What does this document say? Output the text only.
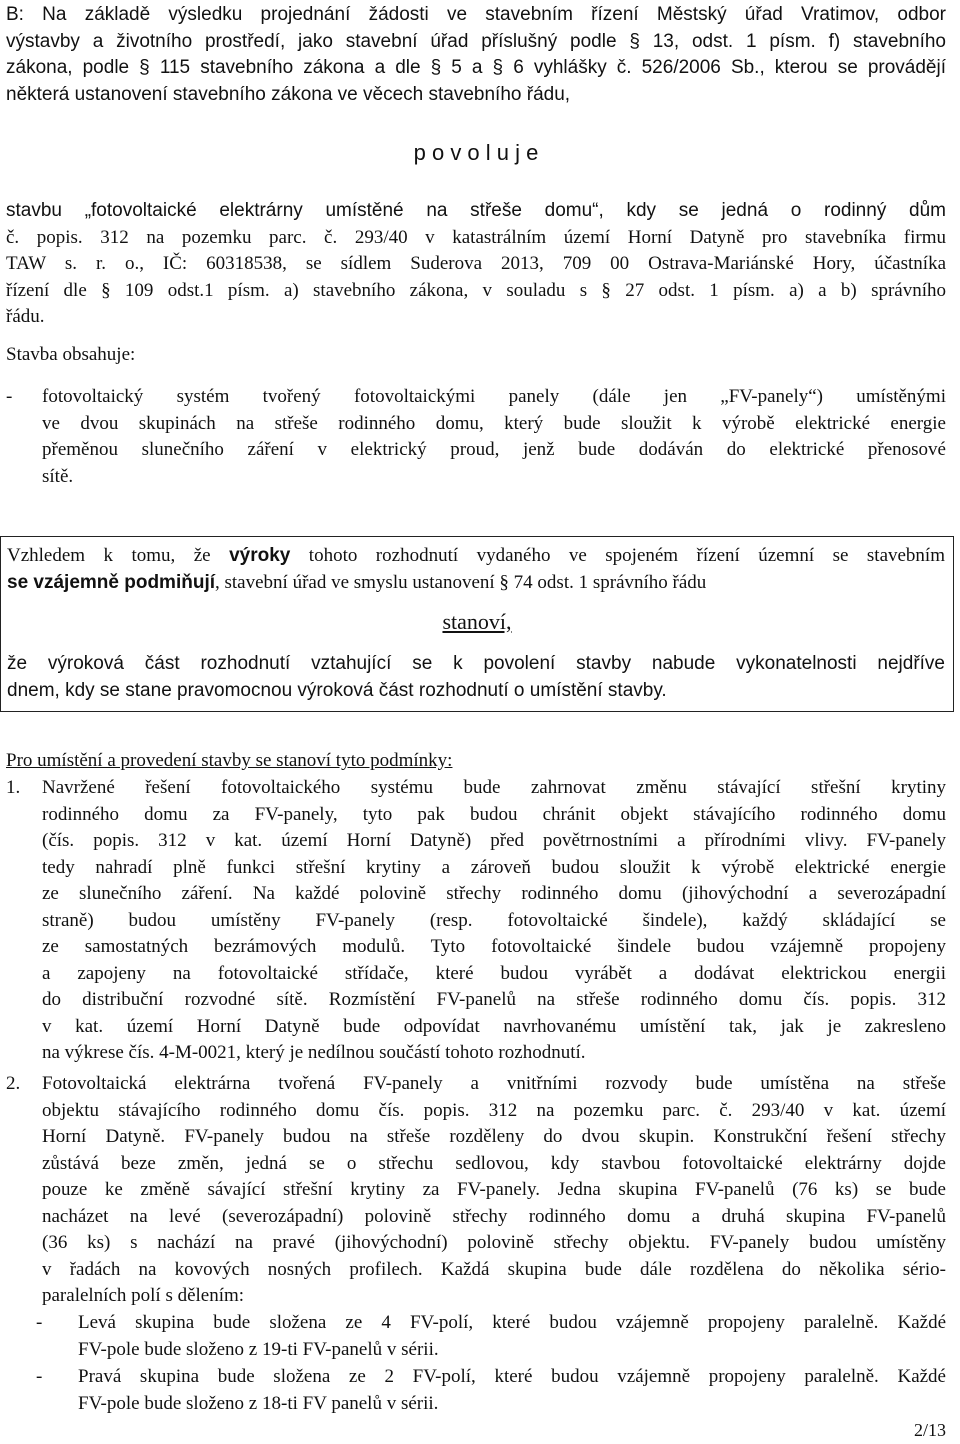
B: Na základě výsledku projednání žádosti ve stavebním řízení Městský úřad Vratimov, odbor
výstavby a životního prostředí, jako stavební úřad příslušný podle § 13, odst. 1 písm. f) stavebního
zákona, podle § 115 stavebního zákona a dle § 5 a § 6 vyhlášky č. 526/2006 Sb., kterou se provádějí
některá ustanovení stavebního zákona ve věcech stavebního řádu,
p o v o l u j e
stavbu „fotovoltaické elektrárny umístěné na střeše domu“, kdy se jedná o rodinný dům
č. popis. 312 na pozemku parc. č. 293/40 v katastrálním území Horní Datyně pro stavebníka firmu
TAW s. r. o., IČ: 60318538, se sídlem Suderova 2013, 709 00 Ostrava-Mariánské Hory, účastníka
řízení dle § 109 odst.1 písm. a) stavebního zákona, v souladu s § 27 odst. 1 písm. a) a b) správního
řádu.
Stavba obsahuje:
-	fotovoltaický systém tvořený fotovoltaickými panely (dále jen „FV-panely“) umístěnými
ve dvou skupinách na střeše rodinného domu, který bude sloužit k výrobě elektrické energie
přeměnou slunečního záření v elektrický proud, jenž bude dodáván do elektrické přenosové
sítě.
Vzhledem k tomu, že výroky tohoto rozhodnutí vydaného ve spojeném řízení územní se stavebním
se vzájemně podmiňují, stavební úřad ve smyslu ustanovení § 74 odst. 1 správního řádu
stanoví,
že výroková část rozhodnutí vztahující se k povolení stavby nabude vykonatelnosti nejdříve
dnem, kdy se stane pravomocnou výroková část rozhodnutí o umístění stavby.
Pro umístění a provedení stavby se stanoví tyto podmínky:
1.	Navržené řešení fotovoltaického systému bude zahrnovat změnu stávající střešní krytiny
rodinného domu za FV-panely, tyto pak budou chránit objekt stávajícího rodinného domu
(čís. popis. 312 v kat. území Horní Datyně) před povětrnostními a přírodními vlivy. FV-panely
tedy nahradí plně funkci střešní krytiny a zároveň budou sloužit k výrobě elektrické energie
ze slunečního záření. Na každé polovině střechy rodinného domu (jihovýchodní a severozápadní
straně) budou umístěny FV-panely (resp. fotovoltaické šindele), každý skládající se
ze samostatných bezrámových modulů. Tyto fotovoltaické šindele budou vzájemně propojeny
a zapojeny na fotovoltaické střídače, které budou vyrábět a dodávat elektrickou energii
do distribuční rozvodné sítě. Rozmístění FV-panelů na střeše rodinného domu čís. popis. 312
v kat. území Horní Datyně bude odpovídat navrhovanému umístění tak, jak je zakresleno
na výkrese čís. 4-M-0021, který je nedílnou součástí tohoto rozhodnutí.
2.	Fotovoltaická elektrárna tvořená FV-panely a vnitřními rozvody bude umístěna na střeše
objektu stávajícího rodinného domu čís. popis. 312 na pozemku parc. č. 293/40 v kat. území
Horní Datyně. FV-panely budou na střeše rozděleny do dvou skupin. Konstrukční řešení střechy
zůstává beze změn, jedná se o střechu sedlovou, kdy stavbou fotovoltaické elektrárny dojde
pouze ke změně sávající střešní krytiny za FV-panely. Jedna skupina FV-panelů (76 ks) se bude
nacházet na levé (severozápadní) polovině střechy rodinného domu a druhá skupina FV-panelů
(36 ks) s nachází na pravé (jihovýchodní) polovině střechy objektu. FV-panely budou umístěny
v řadách na kovových nosných profilech. Každá skupina bude dále rozdělena do několika sério-
paralelních polí s dělením:
-	Levá skupina bude složena ze 4 FV-polí, které budou vzájemně propojeny paralelně. Každé
FV-pole bude složeno z 19-ti FV-panelů v sérii.
-	Pravá skupina bude složena ze 2 FV-polí, které budou vzájemně propojeny paralelně. Každé
FV-pole bude složeno z 18-ti FV panelů v sérii.
2/13
